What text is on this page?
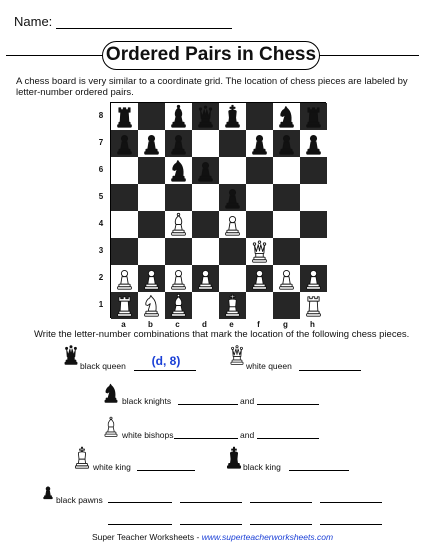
Name:
Ordered Pairs in Chess
A chess board is very similar to a coordinate grid. The location of chess pieces are labeled by letter-number ordered pairs.
8
7
6
5
4
3
2
1
a	b	c	d	e	f	g	h
Write the letter-number combinations that mark the location of the following chess pieces.
black queen	(d, 8)	white queen
black knights	and
white bishops	and
white king	black king
black pawns
Super Teacher Worksheets - www.superteacherworksheets.com
